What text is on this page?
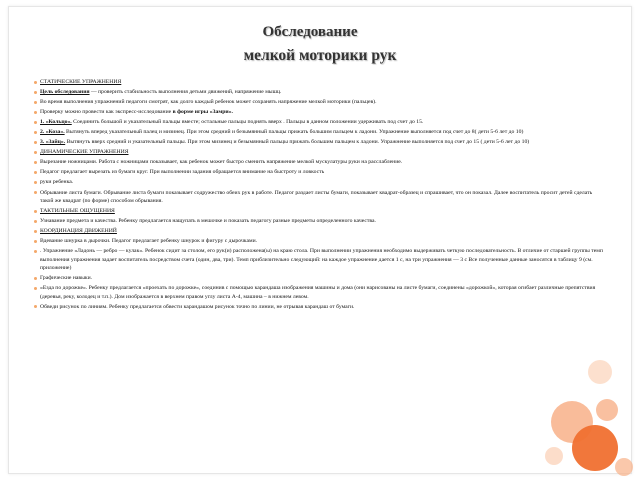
Обследование
мелкой моторики рук

СТАТИЧЕСКИЕ УПРАЖНЕНИЯ

Цель обследования — проверить стабильность выполнения детьми движений, напряжение мышц.

Во время выполнения упражнений педагоги смотрят, как долго каждый ребенок может сохранять напряжение мелкой моторики (пальцев).

Проверку можно провести как экспресс-исследование в форме игры «Замри».

1. «Кольцо». Соединить большой и указательный пальцы вместе; остальные пальцы поднять вверх . Пальцы в данном положении удерживать под счет до 15.

2. «Коза». Вытянуть вперед указательный палец и мизинец. При этом средний и безымянный пальцы прижать большим пальцем к ладони. Упражнение выполняется под счет до 8( дети 5-6 лет до 10)

3. «Зайц». Вытянуть вверх средний и указательный пальцы. При этом мизинец и безымянный пальцы прижать большим пальцем к ладони. Упражнение выполняется под счет до 15 ( дети 5-6 лет до 10)

ДИНАМИЧЕСКИЕ УПРАЖНЕНИЯ

Вырезание ножницами. Работа с ножницами показывает, как ребенок может быстро сменить напряжение мелкой мускулатуры руки на расслабление.

Педагог предлагает вырезать из бумаги круг. При выполнении задания обращается внимание на быстроту и ловкость

руки ребенка.

Обрывание листа бумаги. Обрывание листа бумаги показывает содружество обеих рук в работе. Педагог раздает листы бумаги, показывает квадрат-образец и спрашивает, что он показал. Далее воспитатель просит детей сделать такой же квадрат (по форме) способом обрывания.

ТАКТИЛЬНЫЕ ОЩУЩЕНИЯ

Узнавание предмета и качества. Ребенку предлагается нащупать в мешочке и показать педагогу разные предметы определенного качества.

КООРДИНАЦИЯ ДВИЖЕНИЙ

Вдевание шнурка в дырочки. Педагог предлагает ребенку шнурок и фигуру с дырочками.

. Упражнение «Ладонь — ребро — кулак». Ребенок сидит за столом, его рук(и) расположена(ы) на краю стола. При выполнении упражнения необходимо выдерживать четкую последовательность. В отличие от старшей группы темп выполнения упражнения задает воспитатель посредством счета (один, два, три). Темп приблизительно следующий: на каждое упражнение дается 1 с, на три упражнения — 3 с Все полученные данные заносятся в таблицу 9 (см. приложение)

Графические навыки.

«Езда по дорожке». Ребенку предлагается «проехать по дорожке», соединив с помощью карандаша изображения машины и дома (они нарисованы на листе бумаги, соединены «дорожкой», которая огибает различные препятствия (деревья, реку, колодец и т.п.). Дом изображается в верхнем правом углу листа А-4, машина – в нижнем левом.

Обведи рисунок по линиям. Ребенку предлагается обвести карандашом рисунок точно по линии, не отрывая карандаш от бумаги.
